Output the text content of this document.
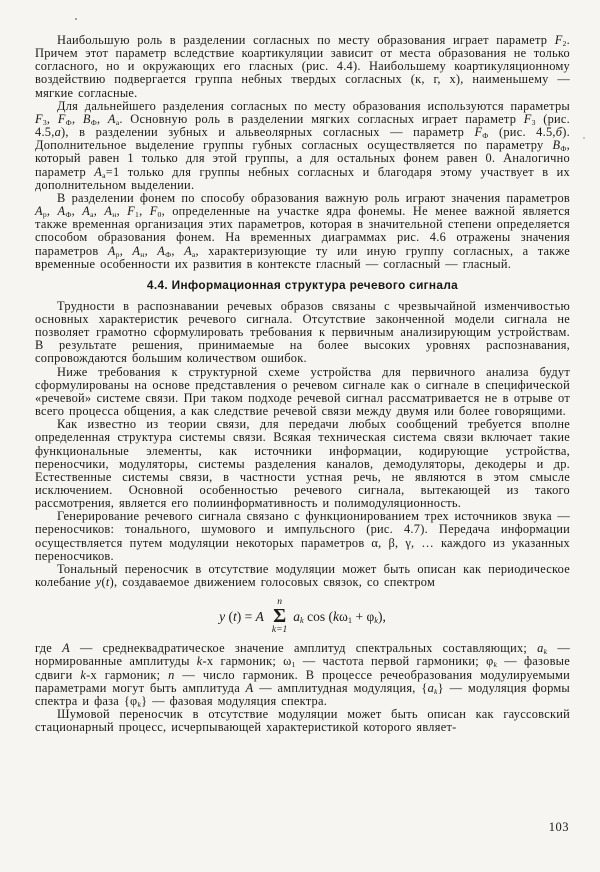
Наибольшую роль в разделении согласных по месту образования играет параметр $F_2$. Причем этот параметр вследствие коартикуляции зависит от места образования не только согласного, но и окружающих его гласных (рис. 4.4). Наибольшему коартикуляционному воздействию подвергается группа небных твердых согласных (к, г, х), наименьшему — мягкие согласные.

Для дальнейшего разделения согласных по месту образования используются параметры $F_3$, $F_Ф$, $B_Ф$, $A_а$. Основную роль в разделении мягких согласных играет параметр $F_3$ (рис. 4.5,а), в разделении зубных и альвеолярных согласных — параметр $F_Ф$ (рис. 4.5,б). Дополнительное выделение группы губных согласных осуществляется по параметру $B_Ф$, который равен 1 только для этой группы, а для остальных фонем равен 0. Аналогично параметр $A_а=1$ только для группы небных согласных и благодаря этому участвует в их дополнительном выделении.

В разделении фонем по способу образования важную роль играют значения параметров $A_р$, $A_Ф$, $A_а$, $A_н$, $F_1$, $F_0$, определенные на участке ядра фонемы. Не менее важной является также временная организация этих параметров, которая в значительной степени определяется способом образования фонем. На временных диаграммах рис. 4.6 отражены значения параметров $A_р$, $A_н$, $A_Ф$, $A_а$, характеризующие ту или иную группу согласных, а также временные особенности их развития в контексте гласный — согласный — гласный.

4.4. Информационная структура речевого сигнала

Трудности в распознавании речевых образов связаны с чрезвычайной изменчивостью основных характеристик речевого сигнала. Отсутствие законченной модели сигнала не позволяет грамотно сформулировать требования к первичным анализирующим устройствам. В результате решения, принимаемые на более высоких уровнях распознавания, сопровождаются большим количеством ошибок.

Ниже требования к структурной схеме устройства для первичного анализа будут сформулированы на основе представления о речевом сигнале как о сигнале в специфической «речевой» системе связи. При таком подходе речевой сигнал рассматривается не в отрыве от всего процесса общения, а как следствие речевой связи между двумя или более говорящими.

Как известно из теории связи, для передачи любых сообщений требуется вполне определенная структура системы связи. Всякая техническая система связи включает такие функциональные элементы, как источники информации, кодирующие устройства, переносчики, модуляторы, системы разделения каналов, демодуляторы, декодеры и др. Естественные системы связи, в частности устная речь, не являются в этом смысле исключением. Основной особенностью речевого сигнала, вытекающей из такого рассмотрения, является его полиинформативность и полимодуляционность.

Генерирование речевого сигнала связано с функционированием трех источников звука — переносчиков: тонального, шумового и импульсного (рис. 4.7). Передача информации осуществляется путем модуляции некоторых параметров α, β, γ, … каждого из указанных переносчиков.

Тональный переносчик в отсутствие модуляции может быть описан как периодическое колебание y(t), создаваемое движением голосовых связок, со спектром

y (t) = A
n
Σ
k=1
$a_k$ $\cos (k\omega_1 + \varphi_k)$,

где A — среднеквадратическое значение амплитуд спектральных составляющих; $a_k$ — нормированные амплитуды k-х гармоник; $\omega_1$ — частота первой гармоники; $\varphi_k$ — фазовые сдвиги k-х гармоник; n — число гармоник. В процессе речеобразования модулируемыми параметрами могут быть амплитуда A — амплитудная модуляция, $\{a_k\}$ — модуляция формы спектра и фаза $\{\varphi_k\}$ — фазовая модуляция спектра.

Шумовой переносчик в отсутствие модуляции может быть описан как гауссовский стационарный процесс, исчерпывающей характеристикой которого являет-

103
